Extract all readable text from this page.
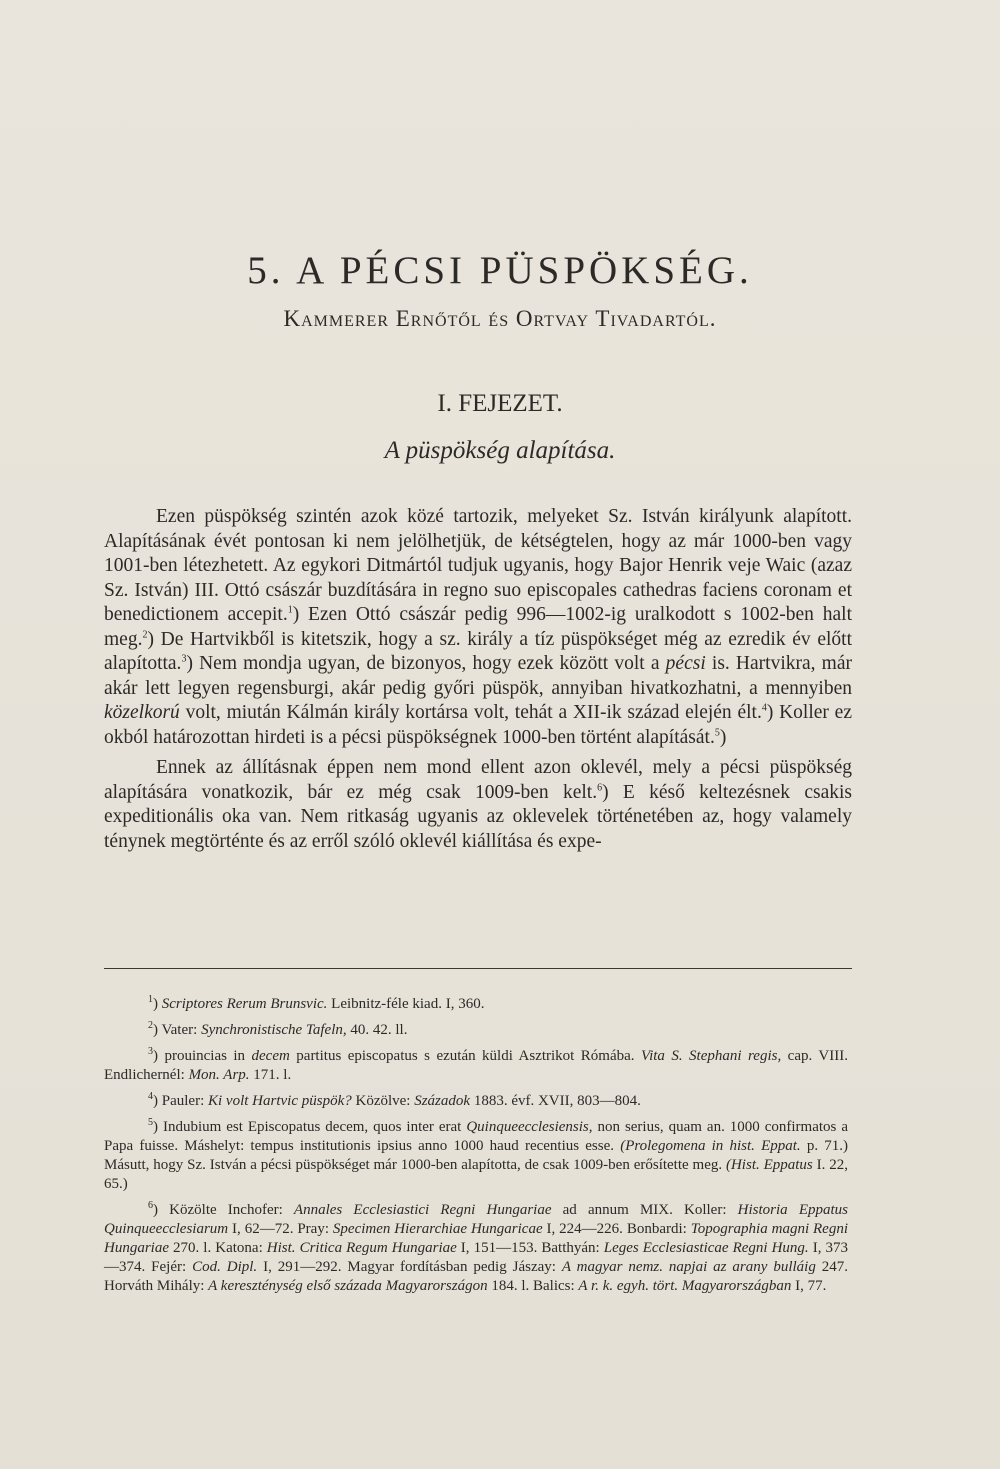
5. A PÉCSI PÜSPÖKSÉG.
Kammerer Ernőtől és Ortvay Tivadartól.
I. FEJEZET.
A püspökség alapítása.

Ezen püspökség szintén azok közé tartozik, melyeket Sz. István királyunk alapított. Alapításának évét pontosan ki nem jelölhetjük, de kétségtelen, hogy az már 1000-ben vagy 1001-ben létezhetett. Az egykori Ditmártól tudjuk ugyanis, hogy Bajor Henrik veje Waic (azaz Sz. István) III. Ottó császár buzdítására in regno suo episcopales cathedras faciens coronam et benedictionem accepit.$^1$) Ezen Ottó császár pedig 996—1002-ig uralkodott s 1002-ben halt meg.$^2$) De Hartvikből is kitetszik, hogy a sz. király a tíz püspökséget még az ezredik év előtt alapította.$^3$) Nem mondja ugyan, de bizonyos, hogy ezek között volt a pécsi is. Hartvikra, már akár lett legyen regensburgi, akár pedig győri püspök, annyiban hivatkozhatni, a mennyiben közelkorú volt, miután Kálmán király kortársa volt, tehát a XII-ik század elején élt.$^4$) Koller ez okból határozottan hirdeti is a pécsi püspökségnek 1000-ben történt alapítását.$^5$)

Ennek az állításnak éppen nem mond ellent azon oklevél, mely a pécsi püspökség alapítására vonatkozik, bár ez még csak 1009-ben kelt.$^6$) E késő keltezésnek csakis expeditionális oka van. Nem ritkaság ugyanis az oklevelek történetében az, hogy valamely ténynek megtörténte és az erről szóló oklevél kiállítása és expe-

$^1$) Scriptores Rerum Brunsvic. Leibnitz-féle kiad. I, 360.

$^2$) Vater: Synchronistische Tafeln, 40. 42. ll.

$^3$) prouincias in decem partitus episcopatus s ezután küldi Asztrikot Rómába. Vita S. Stephani regis, cap. VIII. Endlichernél: Mon. Arp. 171. l.

$^4$) Pauler: Ki volt Hartvic püspök? Közölve: Századok 1883. évf. XVII, 803—804.

$^5$) Indubium est Episcopatus decem, quos inter erat Quinqueecclesiensis, non serius, quam an. 1000 confirmatos a Papa fuisse. Máshelyt: tempus institutionis ipsius anno 1000 haud recentius esse. (Prolegomena in hist. Eppat. p. 71.) Másutt, hogy Sz. István a pécsi püspökséget már 1000-ben alapította, de csak 1009-ben erősítette meg. (Hist. Eppatus I. 22, 65.)

$^6$) Közölte Inchofer: Annales Ecclesiastici Regni Hungariae ad annum MIX. Koller: Historia Eppatus Quinqueecclesiarum I, 62—72. Pray: Specimen Hierarchiae Hungaricae I, 224—226. Bonbardi: Topographia magni Regni Hungariae 270. l. Katona: Hist. Critica Regum Hungariae I, 151—153. Batthyán: Leges Ecclesiasticae Regni Hung. I, 373—374. Fejér: Cod. Dipl. I, 291—292. Magyar fordításban pedig Jászay: A magyar nemz. napjai az arany bulláig 247. Horváth Mihály: A kereszténység első százada Magyarországon 184. l. Balics: A r. k. egyh. tört. Magyarországban I, 77.
